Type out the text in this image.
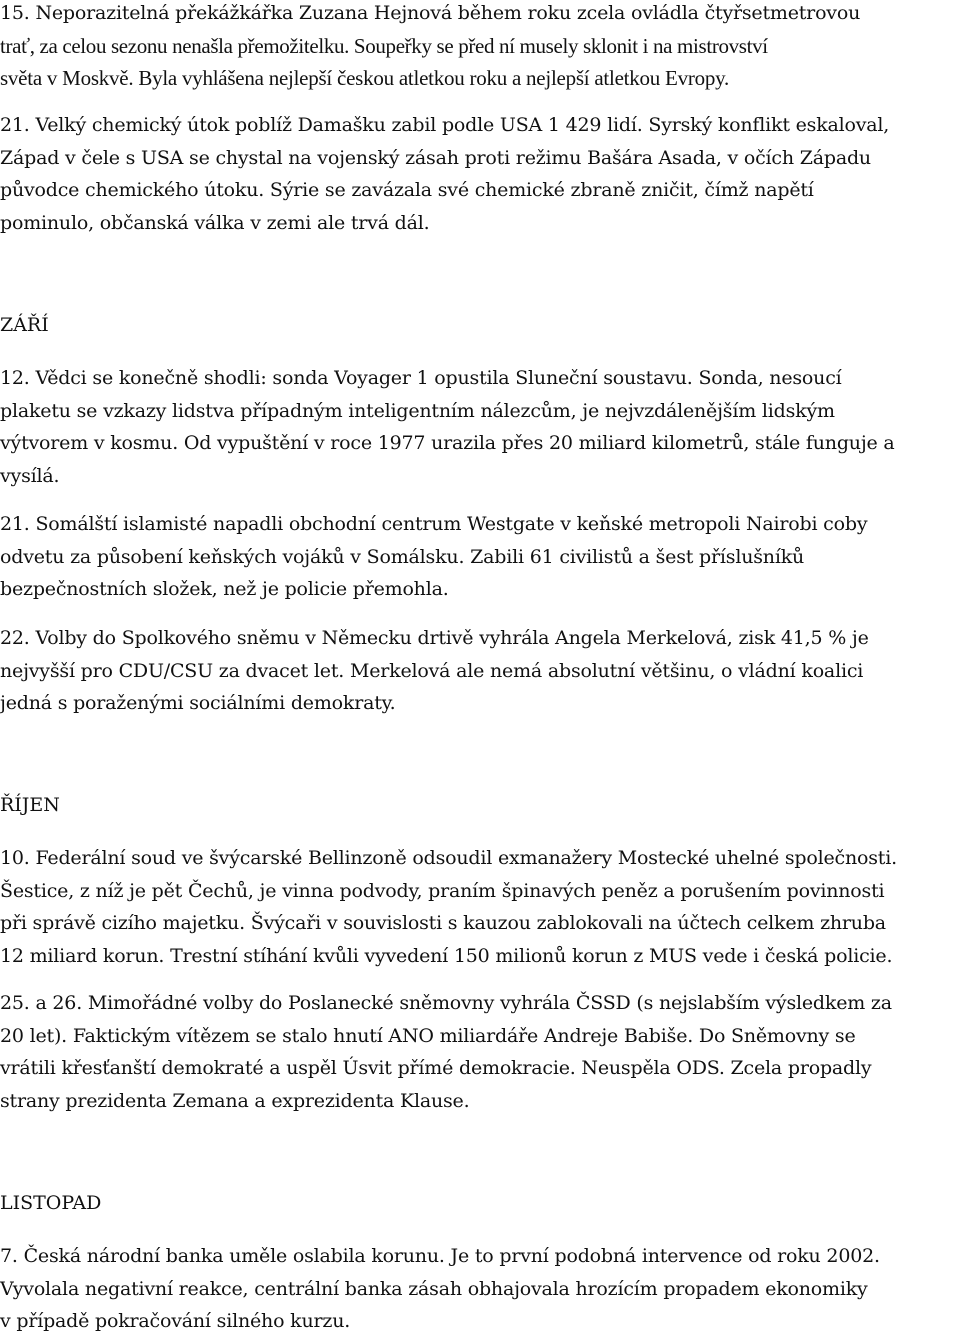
15. Neporazitelná překážkářka Zuzana Hejnová během roku zcela ovládla čtyřsetmetrovou
trať, za celou sezonu nenašla přemožitelku. Soupeřky se před ní musely sklonit i na mistrovství
světa v Moskvě. Byla vyhlášena nejlepší českou atletkou roku a nejlepší atletkou Evropy.
21. Velký chemický útok poblíž Damašku zabil podle USA 1 429 lidí. Syrský konflikt eskaloval,
Západ v čele s USA se chystal na vojenský zásah proti režimu Bašára Asada, v očích Západu
původce chemického útoku. Sýrie se zavázala své chemické zbraně zničit, čímž napětí
pominulo, občanská válka v zemi ale trvá dál.
ZÁŘÍ
12. Vědci se konečně shodli: sonda Voyager 1 opustila Sluneční soustavu. Sonda, nesoucí
plaketu se vzkazy lidstva případným inteligentním nálezcům, je nejvzdálenějším lidským
výtvorem v kosmu. Od vypuštění v roce 1977 urazila přes 20 miliard kilometrů, stále funguje a
vysílá.
21. Somálští islamisté napadli obchodní centrum Westgate v keňské metropoli Nairobi coby
odvetu za působení keňských vojáků v Somálsku. Zabili 61 civilistů a šest příslušníků
bezpečnostních složek, než je policie přemohla.
22. Volby do Spolkového sněmu v Německu drtivě vyhrála Angela Merkelová, zisk 41,5 % je
nejvyšší pro CDU/CSU za dvacet let. Merkelová ale nemá absolutní většinu, o vládní koalici
jedná s poraženými sociálními demokraty.
ŘÍJEN
10. Federální soud ve švýcarské Bellinzoně odsoudil exmanažery Mostecké uhelné společnosti.
Šestice, z níž je pět Čechů, je vinna podvody, praním špinavých peněz a porušením povinnosti
při správě cizího majetku. Švýcaři v souvislosti s kauzou zablokovali na účtech celkem zhruba
12 miliard korun. Trestní stíhání kvůli vyvedení 150 milionů korun z MUS vede i česká policie.
25. a 26. Mimořádné volby do Poslanecké sněmovny vyhrála ČSSD (s nejslabším výsledkem za
20 let). Faktickým vítězem se stalo hnutí ANO miliardáře Andreje Babiše. Do Sněmovny se
vrátili křesťanští demokraté a uspěl Úsvit přímé demokracie. Neuspěla ODS. Zcela propadly
strany prezidenta Zemana a exprezidenta Klause.
LISTOPAD
7. Česká národní banka uměle oslabila korunu. Je to první podobná intervence od roku 2002.
Vyvolala negativní reakce, centrální banka zásah obhajovala hrozícím propadem ekonomiky
v případě pokračování silného kurzu.
